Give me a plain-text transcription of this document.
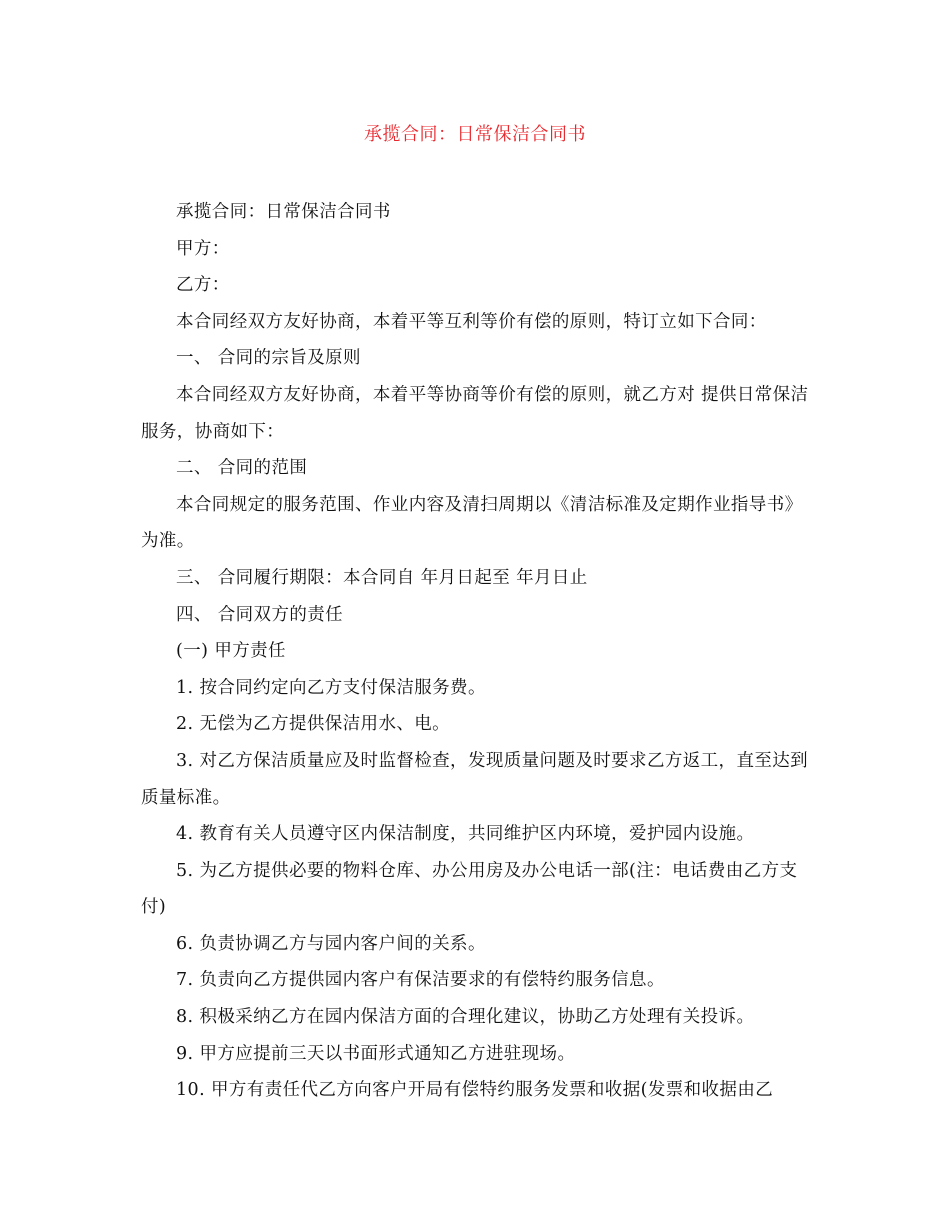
承揽合同：日常保洁合同书

承揽合同：日常保洁合同书

甲方：

乙方：

本合同经双方友好协商，本着平等互利等价有偿的原则，特订立如下合同：

一、 合同的宗旨及原则

本合同经双方友好协商，本着平等协商等价有偿的原则，就乙方对 提供日常保洁服务，协商如下：

二、 合同的范围

本合同规定的服务范围、作业内容及清扫周期以《清洁标准及定期作业指导书》为准。

三、 合同履行期限：本合同自 年月日起至 年月日止

四、 合同双方的责任

(一) 甲方责任

1. 按合同约定向乙方支付保洁服务费。

2. 无偿为乙方提供保洁用水、电。

3. 对乙方保洁质量应及时监督检查，发现质量问题及时要求乙方返工，直至达到质量标准。

4. 教育有关人员遵守区内保洁制度，共同维护区内环境，爱护园内设施。

5. 为乙方提供必要的物料仓库、办公用房及办公电话一部(注：电话费由乙方支付)

6. 负责协调乙方与园内客户间的关系。

7. 负责向乙方提供园内客户有保洁要求的有偿特约服务信息。

8. 积极采纳乙方在园内保洁方面的合理化建议，协助乙方处理有关投诉。

9. 甲方应提前三天以书面形式通知乙方进驻现场。

10. 甲方有责任代乙方向客户开局有偿特约服务发票和收据(发票和收据由乙
